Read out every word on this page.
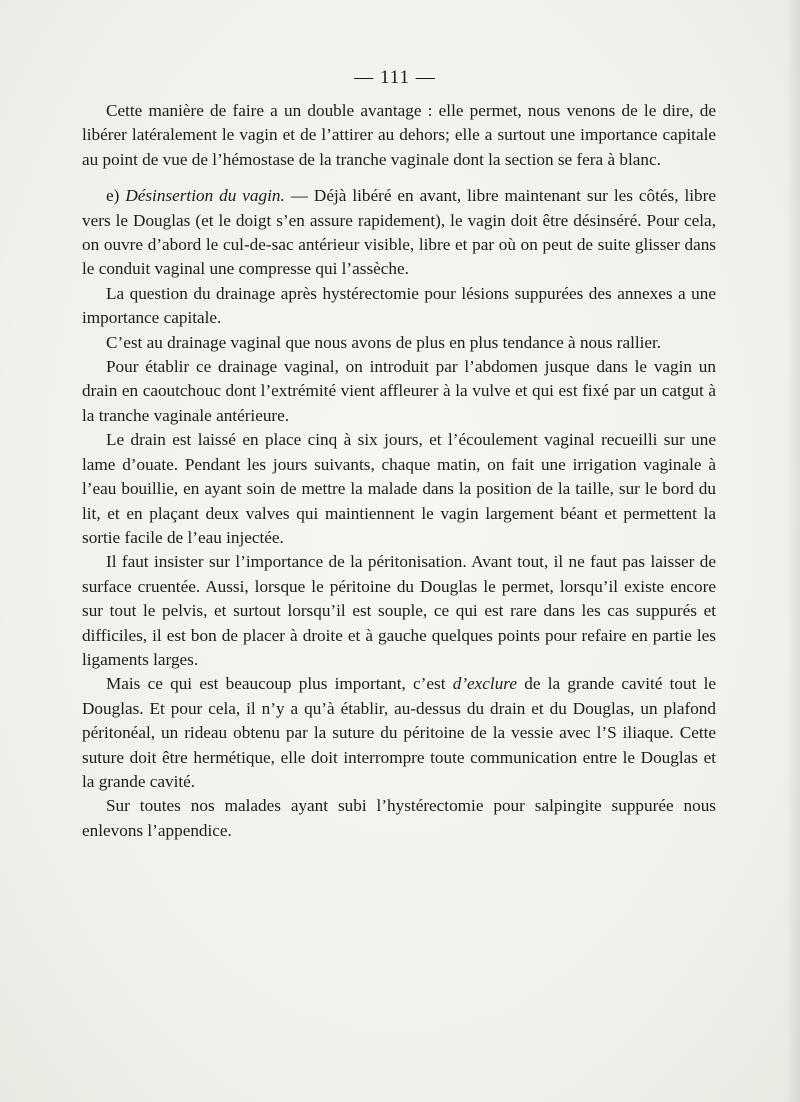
— 111 —

Cette manière de faire a un double avantage : elle permet, nous venons de le dire, de libérer latéralement le vagin et de l’attirer au dehors; elle a surtout une importance capitale au point de vue de l’hémostase de la tranche vaginale dont la section se fera à blanc.

e) Désinsertion du vagin. — Déjà libéré en avant, libre maintenant sur les côtés, libre vers le Douglas (et le doigt s’en assure rapidement), le vagin doit être désinséré. Pour cela, on ouvre d’abord le cul-de-sac antérieur visible, libre et par où on peut de suite glisser dans le conduit vaginal une compresse qui l’assèche.

La question du drainage après hystérectomie pour lésions suppurées des annexes a une importance capitale.

C’est au drainage vaginal que nous avons de plus en plus tendance à nous rallier.

Pour établir ce drainage vaginal, on introduit par l’abdomen jusque dans le vagin un drain en caoutchouc dont l’extrémité vient affleurer à la vulve et qui est fixé par un catgut à la tranche vaginale antérieure.

Le drain est laissé en place cinq à six jours, et l’écoulement vaginal recueilli sur une lame d’ouate. Pendant les jours suivants, chaque matin, on fait une irrigation vaginale à l’eau bouillie, en ayant soin de mettre la malade dans la position de la taille, sur le bord du lit, et en plaçant deux valves qui maintiennent le vagin largement béant et permettent la sortie facile de l’eau injectée.

Il faut insister sur l’importance de la péritonisation. Avant tout, il ne faut pas laisser de surface cruentée. Aussi, lorsque le péritoine du Douglas le permet, lorsqu’il existe encore sur tout le pelvis, et surtout lorsqu’il est souple, ce qui est rare dans les cas suppurés et difficiles, il est bon de placer à droite et à gauche quelques points pour refaire en partie les ligaments larges.

Mais ce qui est beaucoup plus important, c’est d’exclure de la grande cavité tout le Douglas. Et pour cela, il n’y a qu’à établir, au-dessus du drain et du Douglas, un plafond péritonéal, un rideau obtenu par la suture du péritoine de la vessie avec l’S iliaque. Cette suture doit être hermétique, elle doit interrompre toute communication entre le Douglas et la grande cavité.

Sur toutes nos malades ayant subi l’hystérectomie pour salpingite suppurée nous enlevons l’appendice.
